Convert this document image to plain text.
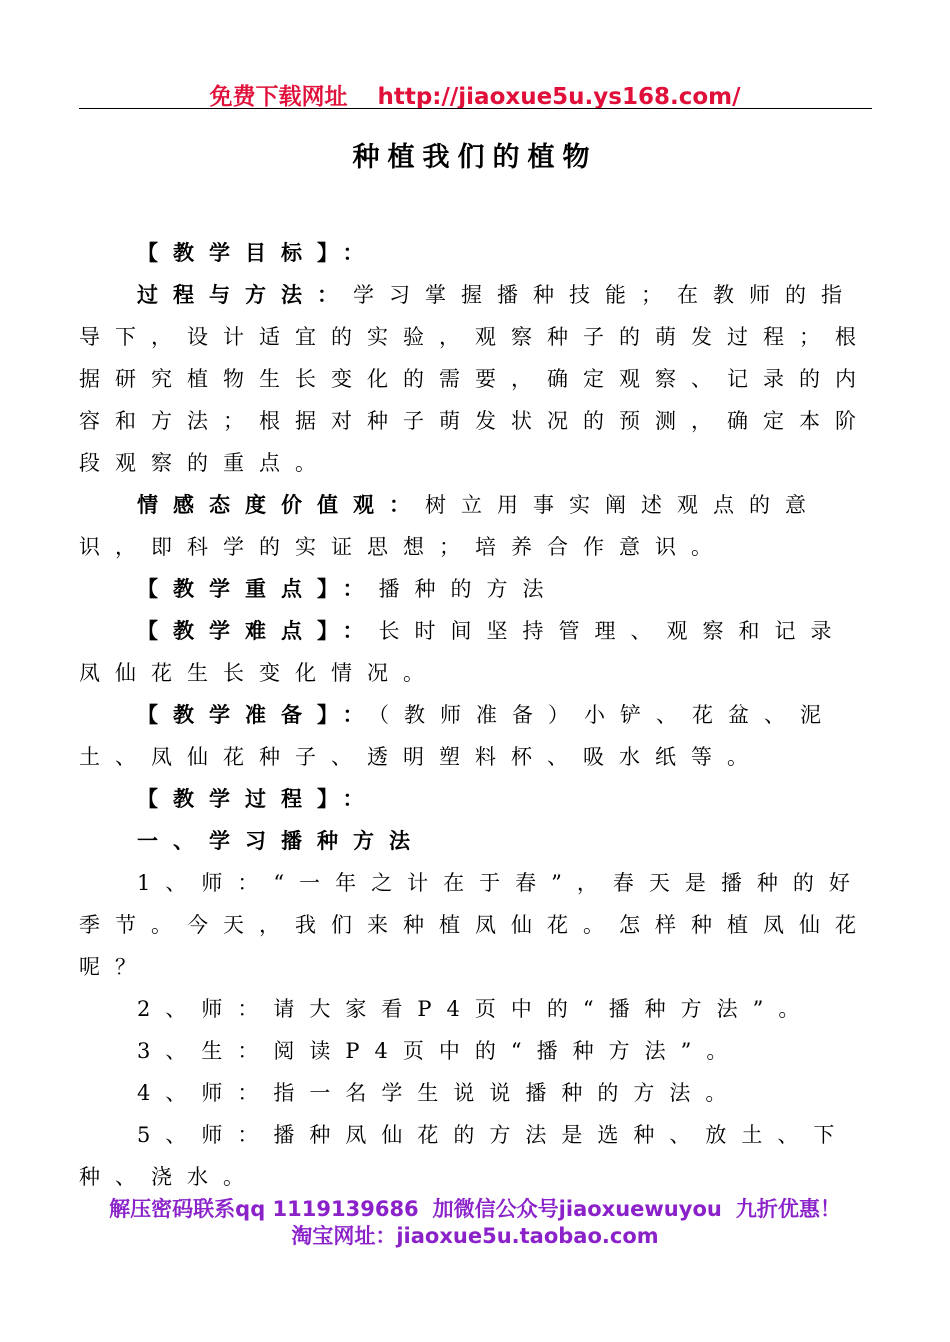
免费下载网址 http://jiaoxue5u.ys168.com/
种植我们的植物

【教学目标】：

过程与方法：学习掌握播种技能；在教师的指导下，设计适宜的实验，观察种子的萌发过程；根据研究植物生长变化的需要，确定观察、记录的内容和方法；根据对种子萌发状况的预测，确定本阶段观察的重点。

情感态度价值观：树立用事实阐述观点的意识，即科学的实证思想；培养合作意识。

【教学重点】：播种的方法

【教学难点】：长时间坚持管理、观察和记录凤仙花生长变化情况。

【教学准备】：（教师准备）小铲、花盆、泥土、凤仙花种子、透明塑料杯、吸水纸等。

【教学过程】：

一、学习播种方法

1、师：“一年之计在于春”，春天是播种的好季节。今天，我们来种植凤仙花。怎样种植凤仙花呢？

2、师：请大家看P4页中的“播种方法”。

3、生：阅读P4页中的“播种方法”。

4、师：指一名学生说说播种的方法。

5、师：播种凤仙花的方法是选种、放土、下种、浇水。

解压密码联系qq 1119139686 加微信公众号jiaoxuewuyou 九折优惠！
淘宝网址：jiaoxue5u.taobao.com
